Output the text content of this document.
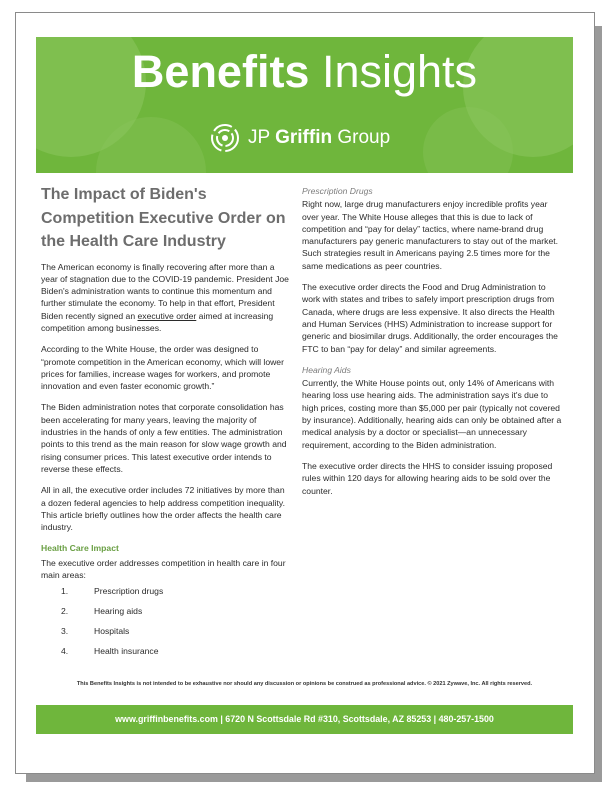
Benefits Insights
JP Griffin Group
The Impact of Biden's Competition Executive Order on the Health Care Industry

The American economy is finally recovering after more than a year of stagnation due to the COVID-19 pandemic. President Joe Biden's administration wants to continue this momentum and further stimulate the economy. To help in that effort, President Biden recently signed an executive order aimed at increasing competition among businesses.

According to the White House, the order was designed to “promote competition in the American economy, which will lower prices for families, increase wages for workers, and promote innovation and even faster economic growth.”

The Biden administration notes that corporate consolidation has been accelerating for many years, leaving the majority of industries in the hands of only a few entities. The administration points to this trend as the main reason for slow wage growth and rising consumer prices. This latest executive order intends to reverse these effects.

All in all, the executive order includes 72 initiatives by more than a dozen federal agencies to help address competition inequality. This article briefly outlines how the order affects the health care industry.

Health Care Impact

The executive order addresses competition in health care in four main areas:

1.	Prescription drugs
2.	Hearing aids
3.	Hospitals
4.	Health insurance
Prescription Drugs

Right now, large drug manufacturers enjoy incredible profits year over year. The White House alleges that this is due to lack of competition and “pay for delay” tactics, where name-brand drug manufacturers pay generic manufacturers to stay out of the market. Such strategies result in Americans paying 2.5 times more for the same medications as peer countries.

The executive order directs the Food and Drug Administration to work with states and tribes to safely import prescription drugs from Canada, where drugs are less expensive. It also directs the Health and Human Services (HHS) Administration to increase support for generic and biosimilar drugs. Additionally, the order encourages the FTC to ban “pay for delay” and similar agreements.

Hearing Aids

Currently, the White House points out, only 14% of Americans with hearing loss use hearing aids. The administration says it's due to high prices, costing more than $5,000 per pair (typically not covered by insurance). Additionally, hearing aids can only be obtained after a medical analysis by a doctor or specialist—an unnecessary requirement, according to the Biden administration.

The executive order directs the HHS to consider issuing proposed rules within 120 days for allowing hearing aids to be sold over the counter.

This Benefits Insights is not intended to be exhaustive nor should any discussion or opinions be construed as professional advice. © 2021 Zywave, Inc. All rights reserved.
www.griffinbenefits.com | 6720 N Scottsdale Rd #310, Scottsdale, AZ 85253 | 480-257-1500
